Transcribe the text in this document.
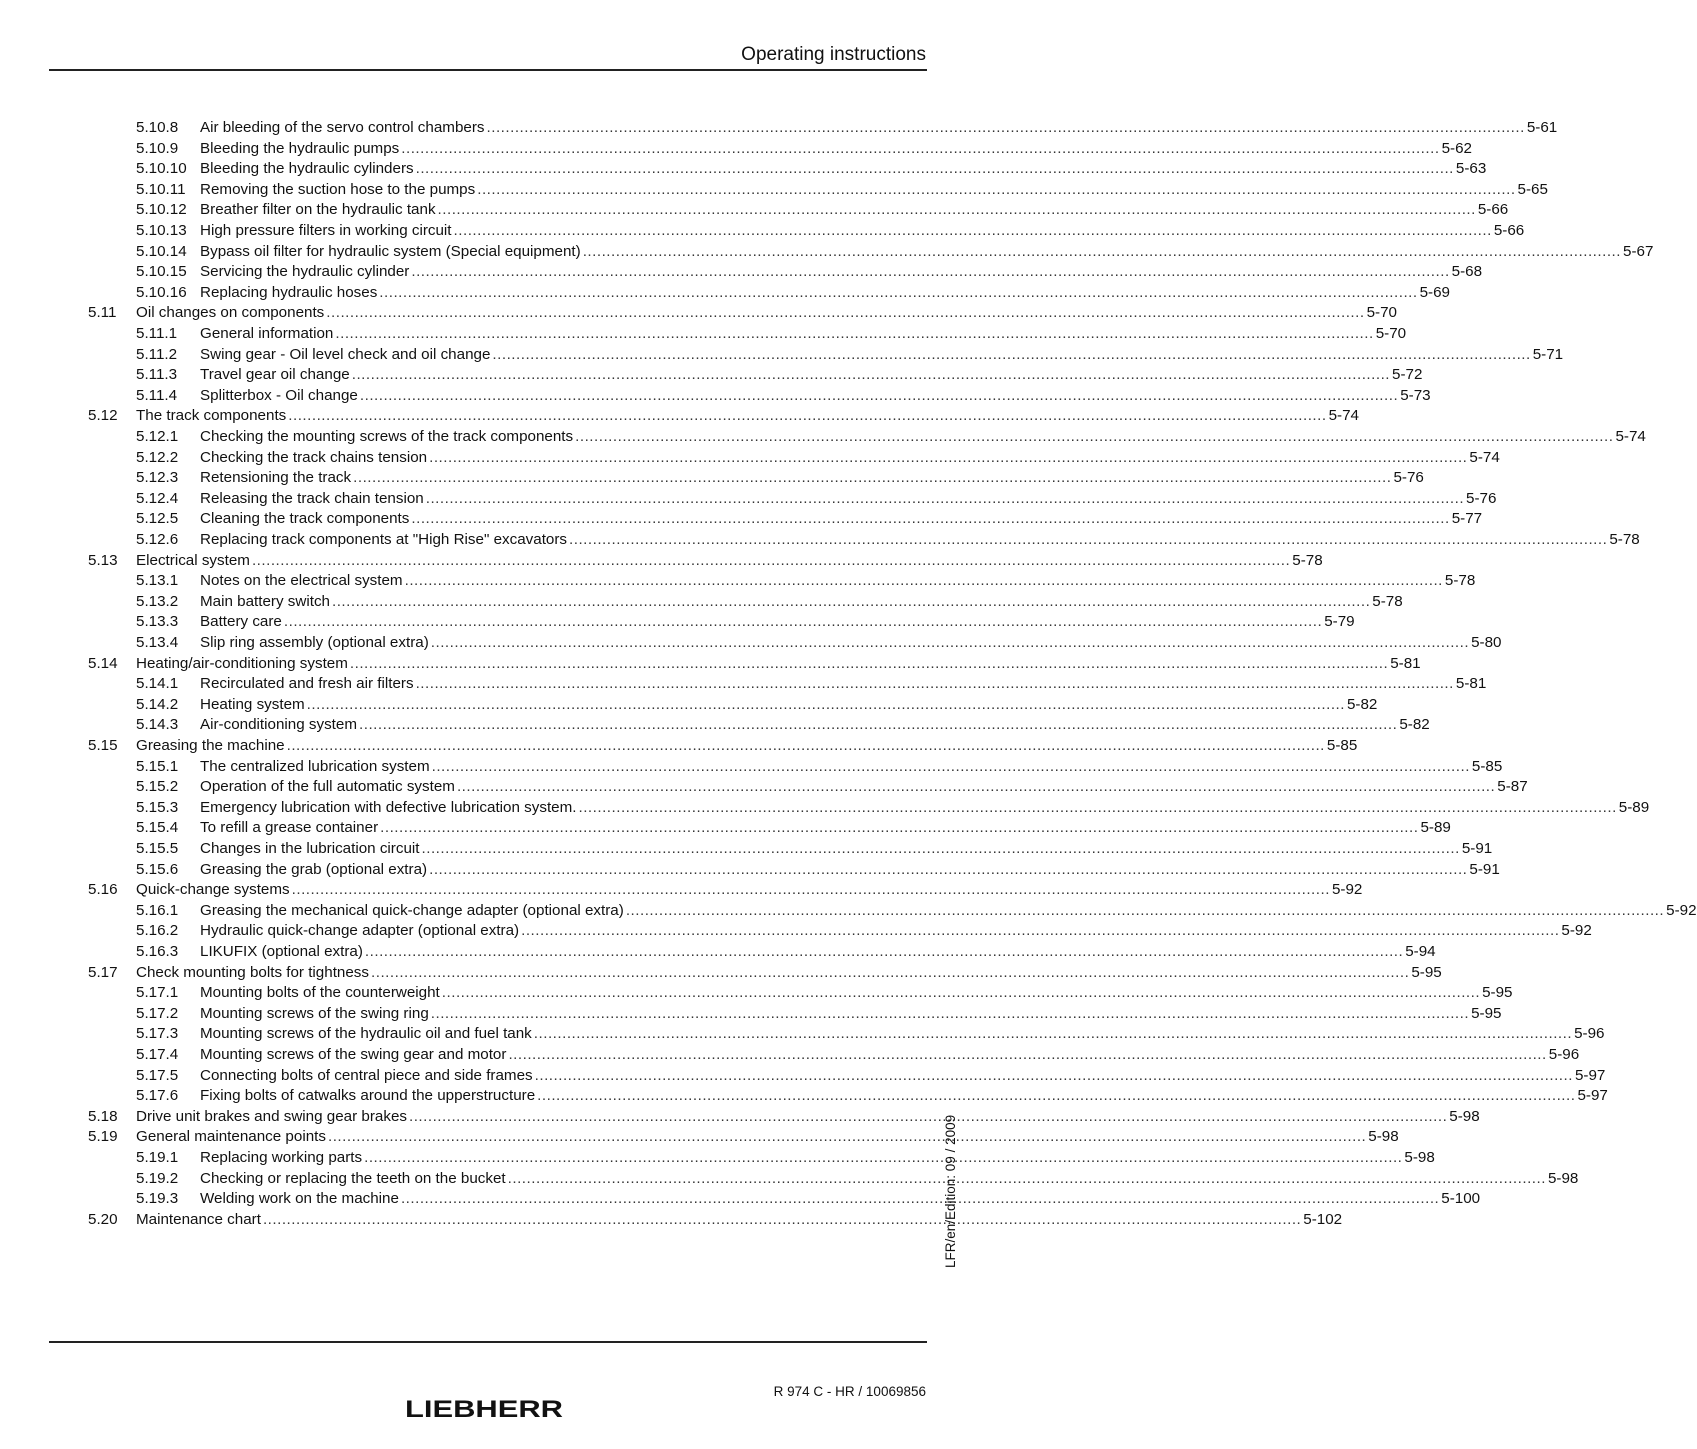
Operating instructions
5.10.8 Air bleeding of the servo control chambers ............................................................................................................................................................................................................................ 5-61
5.10.9 Bleeding the hydraulic pumps ............................................................................................................................................................................................................................ 5-62
5.10.10 Bleeding the hydraulic cylinders ............................................................................................................................................................................................................................ 5-63
5.10.11 Removing the suction hose to the pumps ............................................................................................................................................................................................................................ 5-65
5.10.12 Breather filter on the hydraulic tank ............................................................................................................................................................................................................................ 5-66
5.10.13 High pressure filters in working circuit ............................................................................................................................................................................................................................ 5-66
5.10.14 Bypass oil filter for hydraulic system (Special equipment) ............................................................................................................................................................................................................................ 5-67
5.10.15 Servicing the hydraulic cylinder ............................................................................................................................................................................................................................ 5-68
5.10.16 Replacing hydraulic hoses ............................................................................................................................................................................................................................ 5-69
5.11 Oil changes on components ............................................................................................................................................................................................................................ 5-70
5.11.1 General information ............................................................................................................................................................................................................................ 5-70
5.11.2 Swing gear - Oil level check and oil change ............................................................................................................................................................................................................................ 5-71
5.11.3 Travel gear oil change ............................................................................................................................................................................................................................ 5-72
5.11.4 Splitterbox - Oil change ............................................................................................................................................................................................................................ 5-73
5.12 The track components ............................................................................................................................................................................................................................ 5-74
5.12.1 Checking the mounting screws of the track components ............................................................................................................................................................................................................................ 5-74
5.12.2 Checking the track chains tension ............................................................................................................................................................................................................................ 5-74
5.12.3 Retensioning the track ............................................................................................................................................................................................................................ 5-76
5.12.4 Releasing the track chain tension ............................................................................................................................................................................................................................ 5-76
5.12.5 Cleaning the track components ............................................................................................................................................................................................................................ 5-77
5.12.6 Replacing track components at "High Rise" excavators ............................................................................................................................................................................................................................ 5-78
5.13 Electrical system ............................................................................................................................................................................................................................ 5-78
5.13.1 Notes on the electrical system ............................................................................................................................................................................................................................ 5-78
5.13.2 Main battery switch ............................................................................................................................................................................................................................ 5-78
5.13.3 Battery care ............................................................................................................................................................................................................................ 5-79
5.13.4 Slip ring assembly (optional extra) ............................................................................................................................................................................................................................ 5-80
5.14 Heating/air-conditioning system ............................................................................................................................................................................................................................ 5-81
5.14.1 Recirculated and fresh air filters ............................................................................................................................................................................................................................ 5-81
5.14.2 Heating system ............................................................................................................................................................................................................................ 5-82
5.14.3 Air-conditioning system ............................................................................................................................................................................................................................ 5-82
5.15 Greasing the machine ............................................................................................................................................................................................................................ 5-85
5.15.1 The centralized lubrication system ............................................................................................................................................................................................................................ 5-85
5.15.2 Operation of the full automatic system ............................................................................................................................................................................................................................ 5-87
5.15.3 Emergency lubrication with defective lubrication system. ............................................................................................................................................................................................................................ 5-89
5.15.4 To refill a grease container ............................................................................................................................................................................................................................ 5-89
5.15.5 Changes in the lubrication circuit ............................................................................................................................................................................................................................ 5-91
5.15.6 Greasing the grab (optional extra) ............................................................................................................................................................................................................................ 5-91
5.16 Quick-change systems ............................................................................................................................................................................................................................ 5-92
5.16.1 Greasing the mechanical quick-change adapter (optional extra) ............................................................................................................................................................................................................................ 5-92
5.16.2 Hydraulic quick-change adapter (optional extra) ............................................................................................................................................................................................................................ 5-92
5.16.3 LIKUFIX (optional extra) ............................................................................................................................................................................................................................ 5-94
5.17 Check mounting bolts for tightness ............................................................................................................................................................................................................................ 5-95
5.17.1 Mounting bolts of the counterweight ............................................................................................................................................................................................................................ 5-95
5.17.2 Mounting screws of the swing ring ............................................................................................................................................................................................................................ 5-95
5.17.3 Mounting screws of the hydraulic oil and fuel tank ............................................................................................................................................................................................................................ 5-96
5.17.4 Mounting screws of the swing gear and motor ............................................................................................................................................................................................................................ 5-96
5.17.5 Connecting bolts of central piece and side frames ............................................................................................................................................................................................................................ 5-97
5.17.6 Fixing bolts of catwalks around the upperstructure ............................................................................................................................................................................................................................ 5-97
5.18 Drive unit brakes and swing gear brakes ............................................................................................................................................................................................................................ 5-98
5.19 General maintenance points ............................................................................................................................................................................................................................ 5-98
5.19.1 Replacing working parts ............................................................................................................................................................................................................................ 5-98
5.19.2 Checking or replacing the teeth on the bucket ............................................................................................................................................................................................................................ 5-98
5.19.3 Welding work on the machine ............................................................................................................................................................................................................................ 5-100
5.20 Maintenance chart ............................................................................................................................................................................................................................ 5-102
LFR/en/Edition: 09 / 2009
R 974 C - HR / 10069856
LIEBHERR
